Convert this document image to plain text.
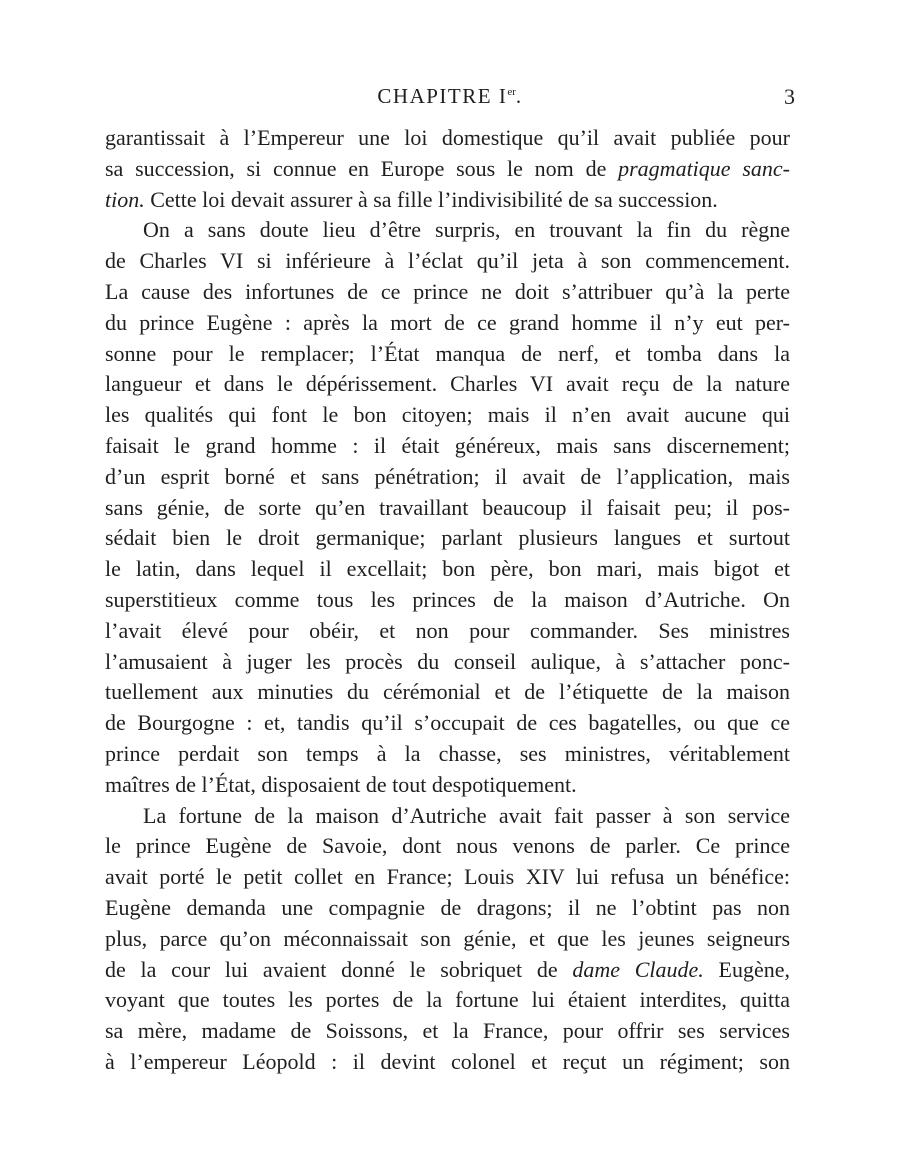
CHAPITRE Ier.	3
garantissait à l’Empereur une loi domestique qu’il avait publiée pour
sa succession, si connue en Europe sous le nom de pragmatique sanc-
tion. Cette loi devait assurer à sa fille l’indivisibilité de sa succession.
On a sans doute lieu d’être surpris, en trouvant la fin du règne
de Charles VI si inférieure à l’éclat qu’il jeta à son commencement.
La cause des infortunes de ce prince ne doit s’attribuer qu’à la perte
du prince Eugène : après la mort de ce grand homme il n’y eut per-
sonne pour le remplacer; l’État manqua de nerf, et tomba dans la
langueur et dans le dépérissement. Charles VI avait reçu de la nature
les qualités qui font le bon citoyen; mais il n’en avait aucune qui
faisait le grand homme : il était généreux, mais sans discernement;
d’un esprit borné et sans pénétration; il avait de l’application, mais
sans génie, de sorte qu’en travaillant beaucoup il faisait peu; il pos-
sédait bien le droit germanique; parlant plusieurs langues et surtout
le latin, dans lequel il excellait; bon père, bon mari, mais bigot et
superstitieux comme tous les princes de la maison d’Autriche. On
l’avait élevé pour obéir, et non pour commander. Ses ministres
l’amusaient à juger les procès du conseil aulique, à s’attacher ponc-
tuellement aux minuties du cérémonial et de l’étiquette de la maison
de Bourgogne : et, tandis qu’il s’occupait de ces bagatelles, ou que ce
prince perdait son temps à la chasse, ses ministres, véritablement
maîtres de l’État, disposaient de tout despotiquement.
La fortune de la maison d’Autriche avait fait passer à son service
le prince Eugène de Savoie, dont nous venons de parler. Ce prince
avait porté le petit collet en France; Louis XIV lui refusa un bénéfice:
Eugène demanda une compagnie de dragons; il ne l’obtint pas non
plus, parce qu’on méconnaissait son génie, et que les jeunes seigneurs
de la cour lui avaient donné le sobriquet de dame Claude. Eugène,
voyant que toutes les portes de la fortune lui étaient interdites, quitta
sa mère, madame de Soissons, et la France, pour offrir ses services
à l’empereur Léopold : il devint colonel et reçut un régiment; son
